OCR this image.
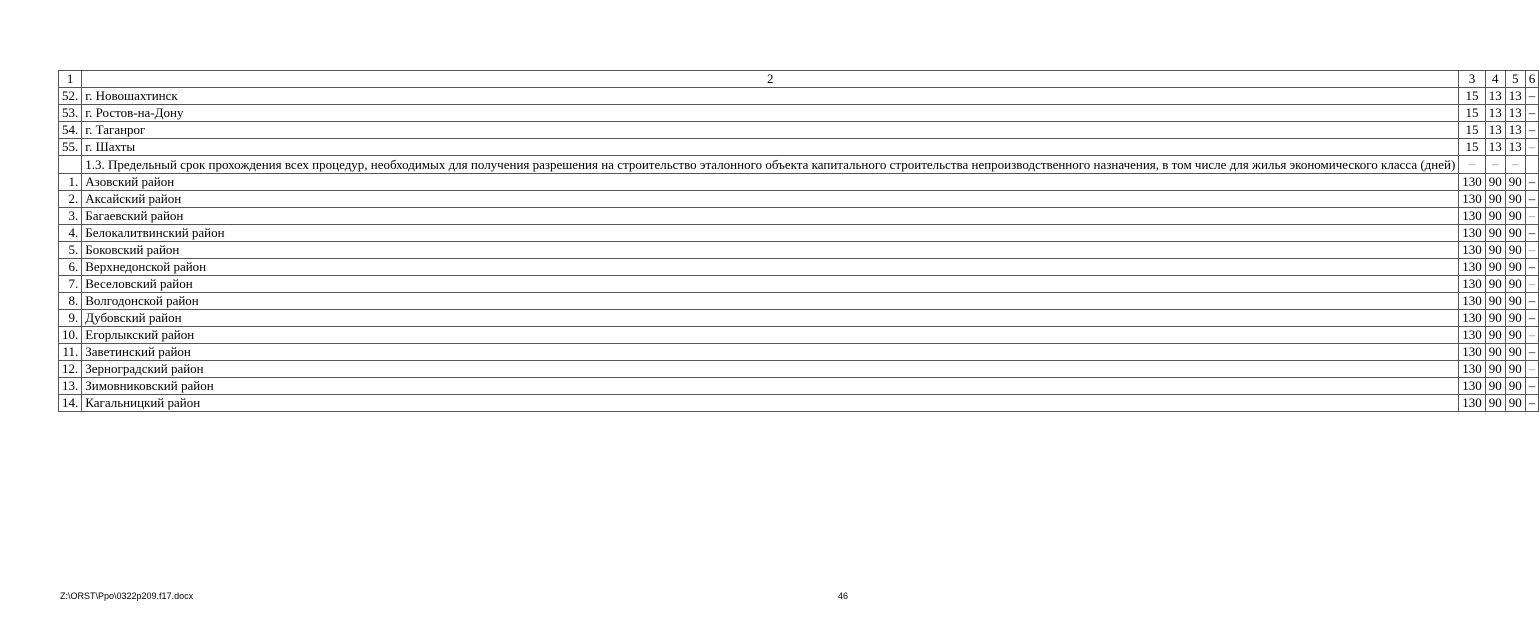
1	2	3	4	5	6
52.	г. Новошахтинск	15	13	13	–
53.	г. Ростов-на-Дону	15	13	13	–
54.	г. Таганрог	15	13	13	–
55.	г. Шахты	15	13	13	–
	1.3. Предельный срок прохождения всех процедур, необходимых для получения разрешения на строительство эталонного объекта капитального строительства непроизводственного назначения, в том числе для жилья экономического класса (дней)	–	–	–	
1.	Азовский район	130	90	90	–
2.	Аксайский район	130	90	90	–
3.	Багаевский район	130	90	90	–
4.	Белокалитвинский район	130	90	90	–
5.	Боковский район	130	90	90	–
6.	Верхнедонской район	130	90	90	–
7.	Веселовский район	130	90	90	–
8.	Волгодонской район	130	90	90	–
9.	Дубовский район	130	90	90	–
10.	Егорлыкский район	130	90	90	–
11.	Заветинский район	130	90	90	–
12.	Зерноградский район	130	90	90	–
13.	Зимовниковский район	130	90	90	–
14.	Кагальницкий район	130	90	90	–
Z:\ORST\Ppo\0322p209.f17.docx	46
